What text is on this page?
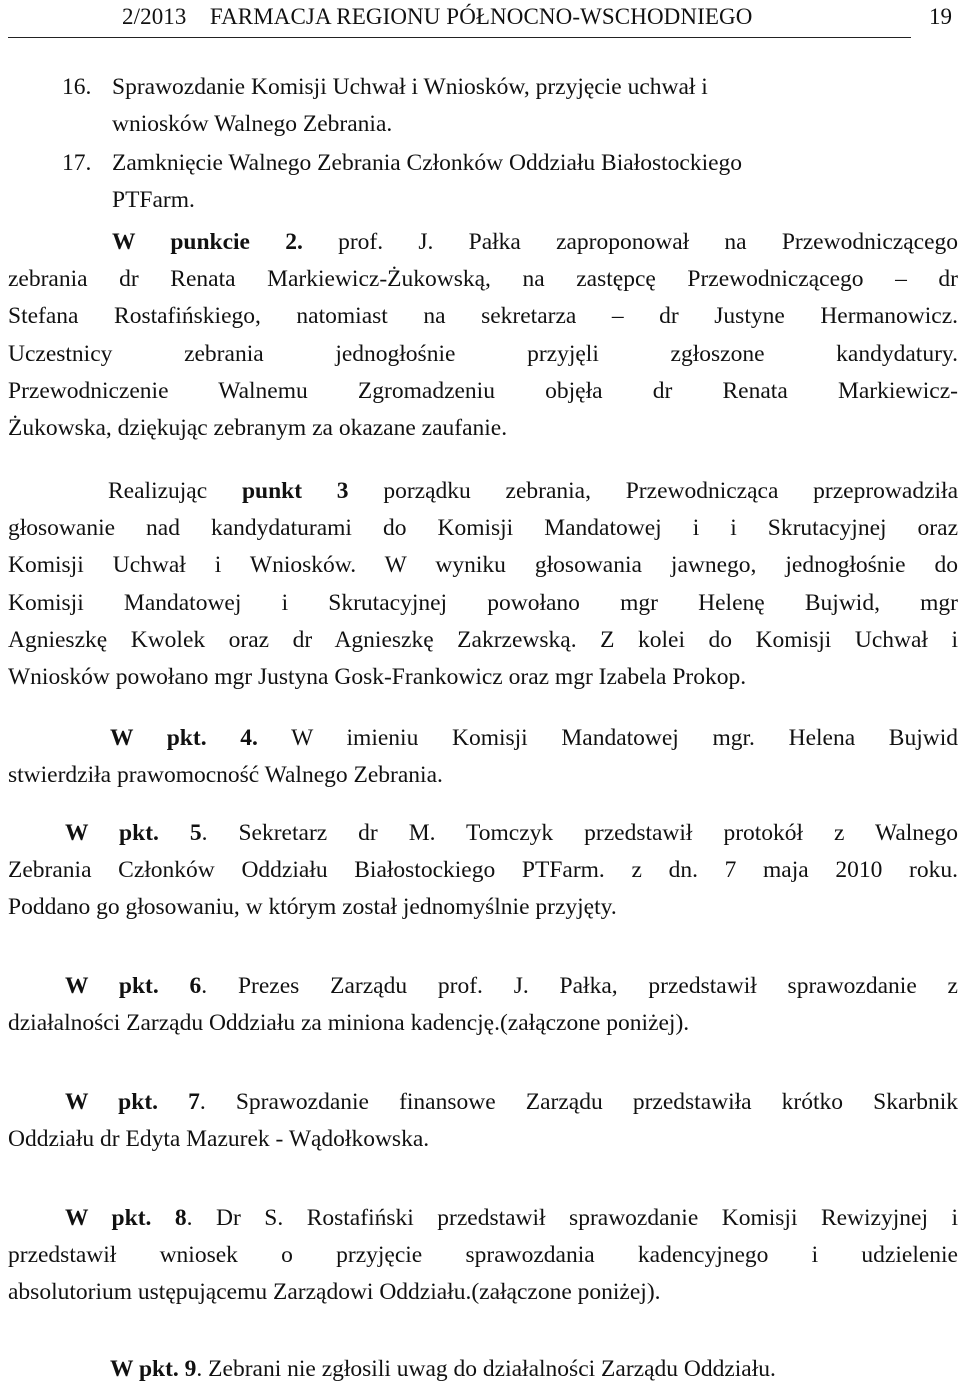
2/2013    FARMACJA REGIONU PÓŁNOCNO-WSCHODNIEGO	19
16. Sprawozdanie Komisji Uchwał i Wniosków, przyjęcie uchwał i
wniosków Walnego Zebrania.
17. Zamknięcie Walnego Zebrania Członków Oddziału Białostockiego
PTFarm.
W punkcie 2. prof. J. Pałka zaproponował na Przewodniczącego
zebrania dr Renata Markiewicz-Żukowską, na zastępcę Przewodniczącego – dr
Stefana Rostafińskiego, natomiast na sekretarza – dr Justyne Hermanowicz.
Uczestnicy zebrania jednogłośnie przyjęli zgłoszone kandydatury.
Przewodniczenie Walnemu Zgromadzeniu objęła dr Renata Markiewicz-
Żukowska, dziękując zebranym za okazane zaufanie.
Realizując punkt 3 porządku zebrania, Przewodnicząca przeprowadziła
głosowanie nad kandydaturami do Komisji Mandatowej i i Skrutacyjnej oraz
Komisji Uchwał i Wniosków. W wyniku głosowania jawnego, jednogłośnie do
Komisji Mandatowej i Skrutacyjnej powołano mgr Helenę Bujwid, mgr
Agnieszkę Kwolek oraz dr Agnieszkę Zakrzewską. Z kolei do Komisji Uchwał i
Wniosków powołano mgr Justyna Gosk-Frankowicz oraz mgr Izabela Prokop.
W pkt. 4. W imieniu Komisji Mandatowej mgr. Helena Bujwid
stwierdziła prawomocność Walnego Zebrania.
W pkt. 5. Sekretarz dr M. Tomczyk przedstawił protokół z Walnego
Zebrania Członków Oddziału Białostockiego PTFarm. z dn. 7 maja 2010 roku.
Poddano go głosowaniu, w którym został jednomyślnie przyjęty.
W pkt. 6. Prezes Zarządu prof. J. Pałka, przedstawił sprawozdanie z
działalności Zarządu Oddziału za miniona kadencję.(załączone poniżej).
W pkt. 7. Sprawozdanie finansowe Zarządu przedstawiła krótko Skarbnik
Oddziału dr Edyta Mazurek - Wądołkowska.
W pkt. 8. Dr S. Rostafiński przedstawił sprawozdanie Komisji Rewizyjnej i
przedstawił wniosek o przyjęcie sprawozdania kadencyjnego i udzielenie
absolutorium ustępującemu Zarządowi Oddziału.(załączone poniżej).
W pkt. 9. Zebrani nie zgłosili uwag do działalności Zarządu Oddziału.
